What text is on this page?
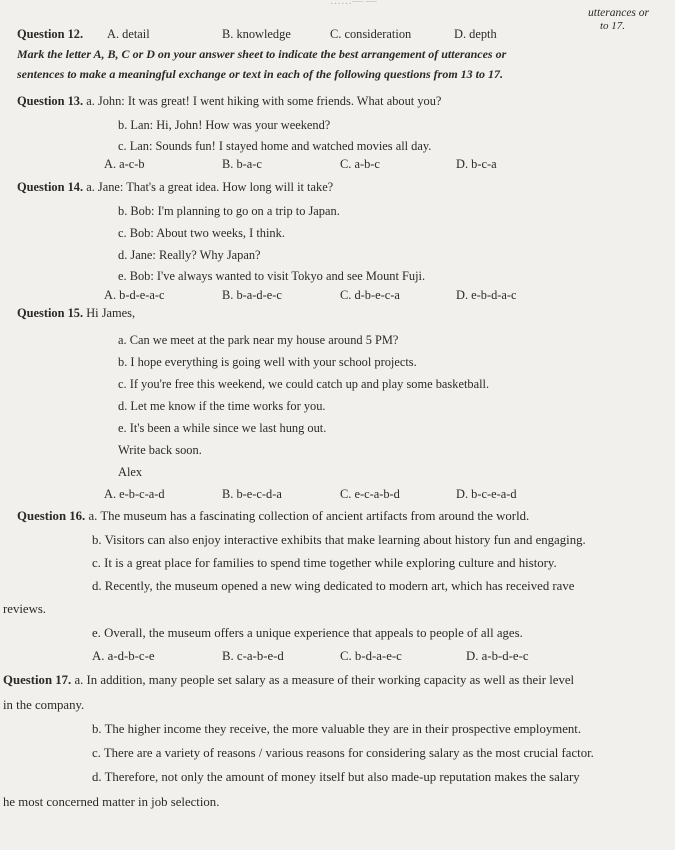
……— —
utterances or
to 17.
Question 12. A. detail	B. knowledge	C. consideration	D. depth
Mark the letter A, B, C or D on your answer sheet to indicate the best arrangement of utterances or
sentences to make a meaningful exchange or text in each of the following questions from 13 to 17.
Question 13. a. John: It was great! I went hiking with some friends. What about you?
b. Lan: Hi, John! How was your weekend?
c. Lan: Sounds fun! I stayed home and watched movies all day.
A. a-c-b	B. b-a-c	C. a-b-c	D. b-c-a
Question 14. a. Jane: That's a great idea. How long will it take?
b. Bob: I'm planning to go on a trip to Japan.
c. Bob: About two weeks, I think.
d. Jane: Really? Why Japan?
e. Bob: I've always wanted to visit Tokyo and see Mount Fuji.
A. b-d-e-a-c	B. b-a-d-e-c	C. d-b-e-c-a	D. e-b-d-a-c
Question 15. Hi James,
a. Can we meet at the park near my house around 5 PM?
b. I hope everything is going well with your school projects.
c. If you're free this weekend, we could catch up and play some basketball.
d. Let me know if the time works for you.
e. It's been a while since we last hung out.
Write back soon.
Alex
A. e-b-c-a-d	B. b-e-c-d-a	C. e-c-a-b-d	D. b-c-e-a-d
Question 16. a. The museum has a fascinating collection of ancient artifacts from around the world.
b. Visitors can also enjoy interactive exhibits that make learning about history fun and engaging.
c. It is a great place for families to spend time together while exploring culture and history.
d. Recently, the museum opened a new wing dedicated to modern art, which has received rave
reviews.
e. Overall, the museum offers a unique experience that appeals to people of all ages.
A. a-d-b-c-e	B. c-a-b-e-d	C. b-d-a-e-c	D. a-b-d-e-c
Question 17. a. In addition, many people set salary as a measure of their working capacity as well as their level
in the company.
b. The higher income they receive, the more valuable they are in their prospective employment.
c. There are a variety of reasons / various reasons for considering salary as the most crucial factor.
d. Therefore, not only the amount of money itself but also made-up reputation makes the salary
he most concerned matter in job selection.
